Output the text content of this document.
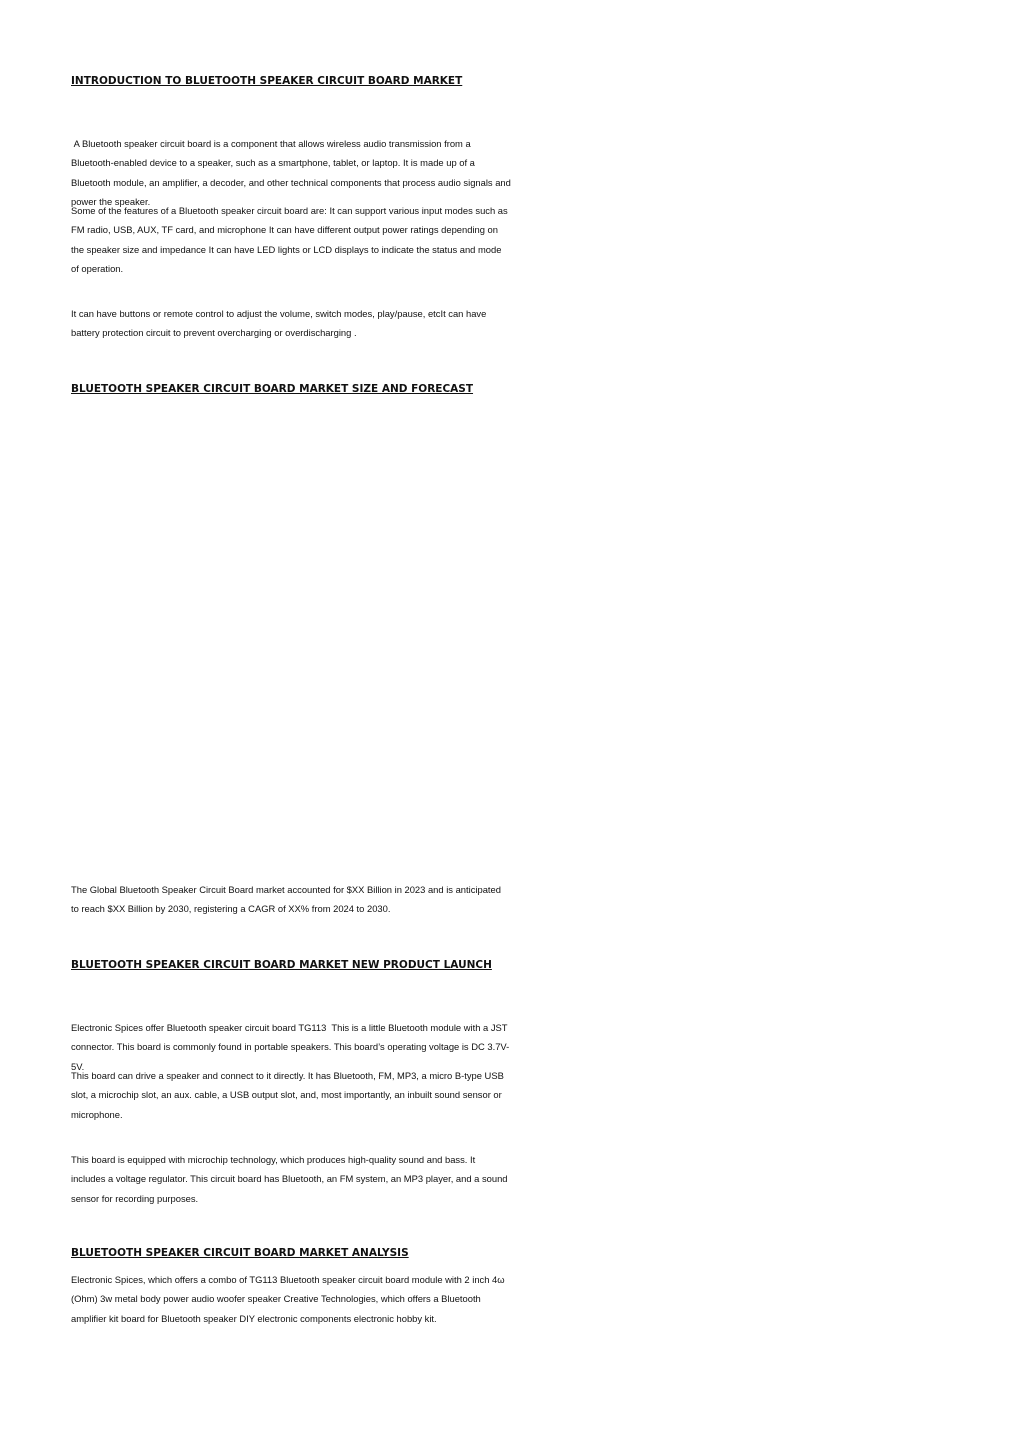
INTRODUCTION TO BLUETOOTH SPEAKER CIRCUIT BOARD MARKET

A Bluetooth speaker circuit board is a component that allows wireless audio transmission from a Bluetooth-enabled device to a speaker, such as a smartphone, tablet, or laptop. It is made up of a Bluetooth module, an amplifier, a decoder, and other technical components that process audio signals and power the speaker.

Some of the features of a Bluetooth speaker circuit board are: It can support various input modes such as FM radio, USB, AUX, TF card, and microphone It can have different output power ratings depending on the speaker size and impedance It can have LED lights or LCD displays to indicate the status and mode of operation.

It can have buttons or remote control to adjust the volume, switch modes, play/pause, etcIt can have battery protection circuit to prevent overcharging or overdischarging .

BLUETOOTH SPEAKER CIRCUIT BOARD MARKET SIZE AND FORECAST

The Global Bluetooth Speaker Circuit Board market accounted for $XX Billion in 2023 and is anticipated to reach $XX Billion by 2030, registering a CAGR of XX% from 2024 to 2030.

BLUETOOTH SPEAKER CIRCUIT BOARD MARKET NEW PRODUCT LAUNCH

Electronic Spices offer Bluetooth speaker circuit board TG113  This is a little Bluetooth module with a JST connector. This board is commonly found in portable speakers. This board’s operating voltage is DC 3.7V-5V.

This board can drive a speaker and connect to it directly. It has Bluetooth, FM, MP3, a micro B-type USB slot, a microchip slot, an aux. cable, a USB output slot, and, most importantly, an inbuilt sound sensor or microphone.

This board is equipped with microchip technology, which produces high-quality sound and bass. It includes a voltage regulator. This circuit board has Bluetooth, an FM system, an MP3 player, and a sound sensor for recording purposes.

BLUETOOTH SPEAKER CIRCUIT BOARD MARKET ANALYSIS

Electronic Spices, which offers a combo of TG113 Bluetooth speaker circuit board module with 2 inch 4ω (Ohm) 3w metal body power audio woofer speaker Creative Technologies, which offers a Bluetooth amplifier kit board for Bluetooth speaker DIY electronic components electronic hobby kit.
